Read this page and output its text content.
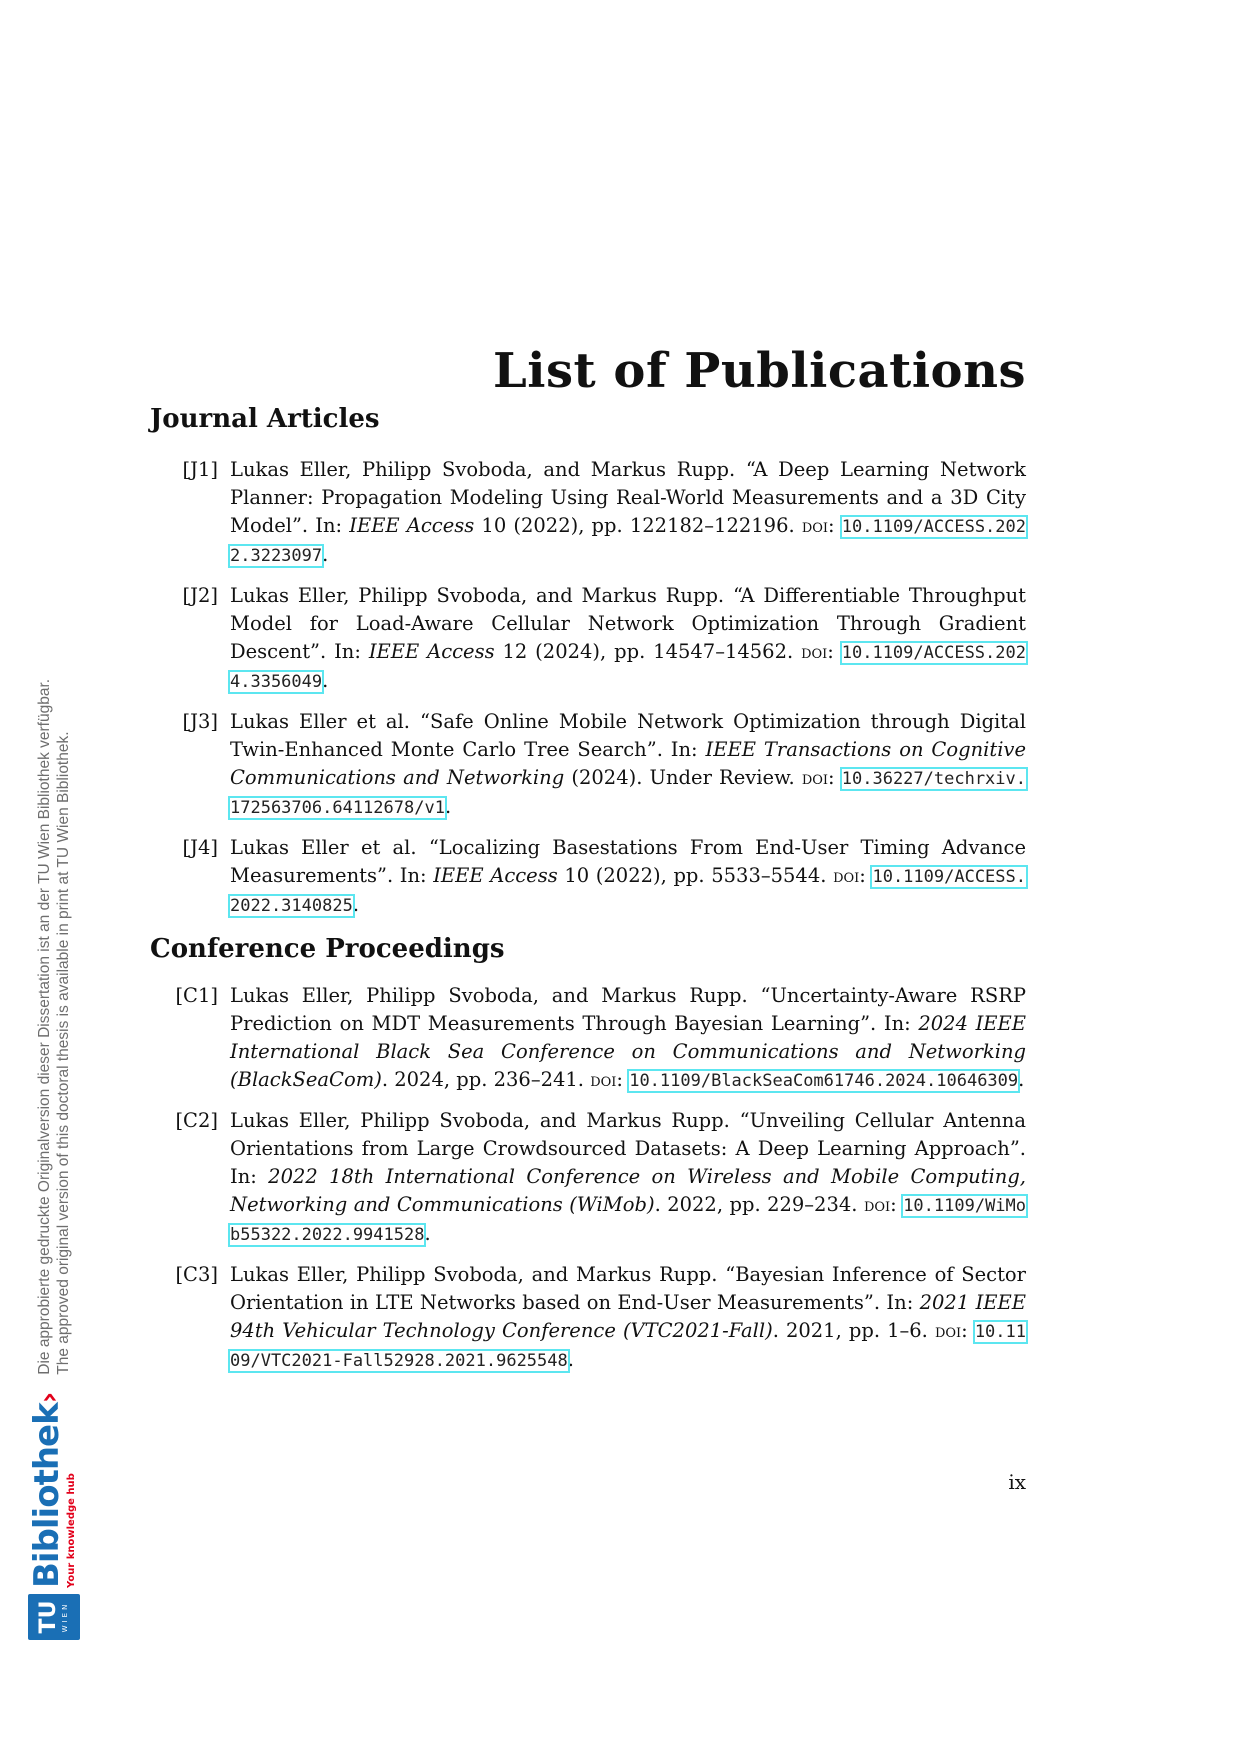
TU WIEN
Bibliothek›
Your knowledge hub
Die approbierte gedruckte Originalversion dieser Dissertation ist an der TU Wien Bibliothek verfügbar. The approved original version of this doctoral thesis is available in print at TU Wien Bibliothek.
List of Publications
Journal Articles
[J1] Lukas Eller, Philipp Svoboda, and Markus Rupp. “A Deep Learning Network Planner: Propagation Modeling Using Real-World Measurements and a 3D City Model”. In: IEEE Access 10 (2022), pp. 122182–122196. doi: 10.1109/ACCESS.2022.3223097.
[J2] Lukas Eller, Philipp Svoboda, and Markus Rupp. “A Differentiable Throughput Model for Load-Aware Cellular Network Optimization Through Gradient Descent”. In: IEEE Access 12 (2024), pp. 14547–14562. doi: 10.1109/ACCESS.2024.3356049.
[J3] Lukas Eller et al. “Safe Online Mobile Network Optimization through Digital Twin-Enhanced Monte Carlo Tree Search”. In: IEEE Transactions on Cognitive Communications and Networking (2024). Under Review. doi: 10.36227/techrxiv.172563706.64112678/v1.
[J4] Lukas Eller et al. “Localizing Basestations From End-User Timing Advance Measurements”. In: IEEE Access 10 (2022), pp. 5533–5544. doi: 10.1109/ACCESS.2022.3140825.
Conference Proceedings
[C1] Lukas Eller, Philipp Svoboda, and Markus Rupp. “Uncertainty-Aware RSRP Prediction on MDT Measurements Through Bayesian Learning”. In: 2024 IEEE International Black Sea Conference on Communications and Networking (BlackSeaCom). 2024, pp. 236–241. doi: 10.1109/BlackSeaCom61746.2024.10646309.
[C2] Lukas Eller, Philipp Svoboda, and Markus Rupp. “Unveiling Cellular Antenna Orientations from Large Crowdsourced Datasets: A Deep Learning Approach”. In: 2022 18th International Conference on Wireless and Mobile Computing, Networking and Communications (WiMob). 2022, pp. 229–234. doi: 10.1109/WiMob55322.2022.9941528.
[C3] Lukas Eller, Philipp Svoboda, and Markus Rupp. “Bayesian Inference of Sector Orientation in LTE Networks based on End-User Measurements”. In: 2021 IEEE 94th Vehicular Technology Conference (VTC2021-Fall). 2021, pp. 1–6. doi: 10.1109/VTC2021-Fall52928.2021.9625548.
ix
